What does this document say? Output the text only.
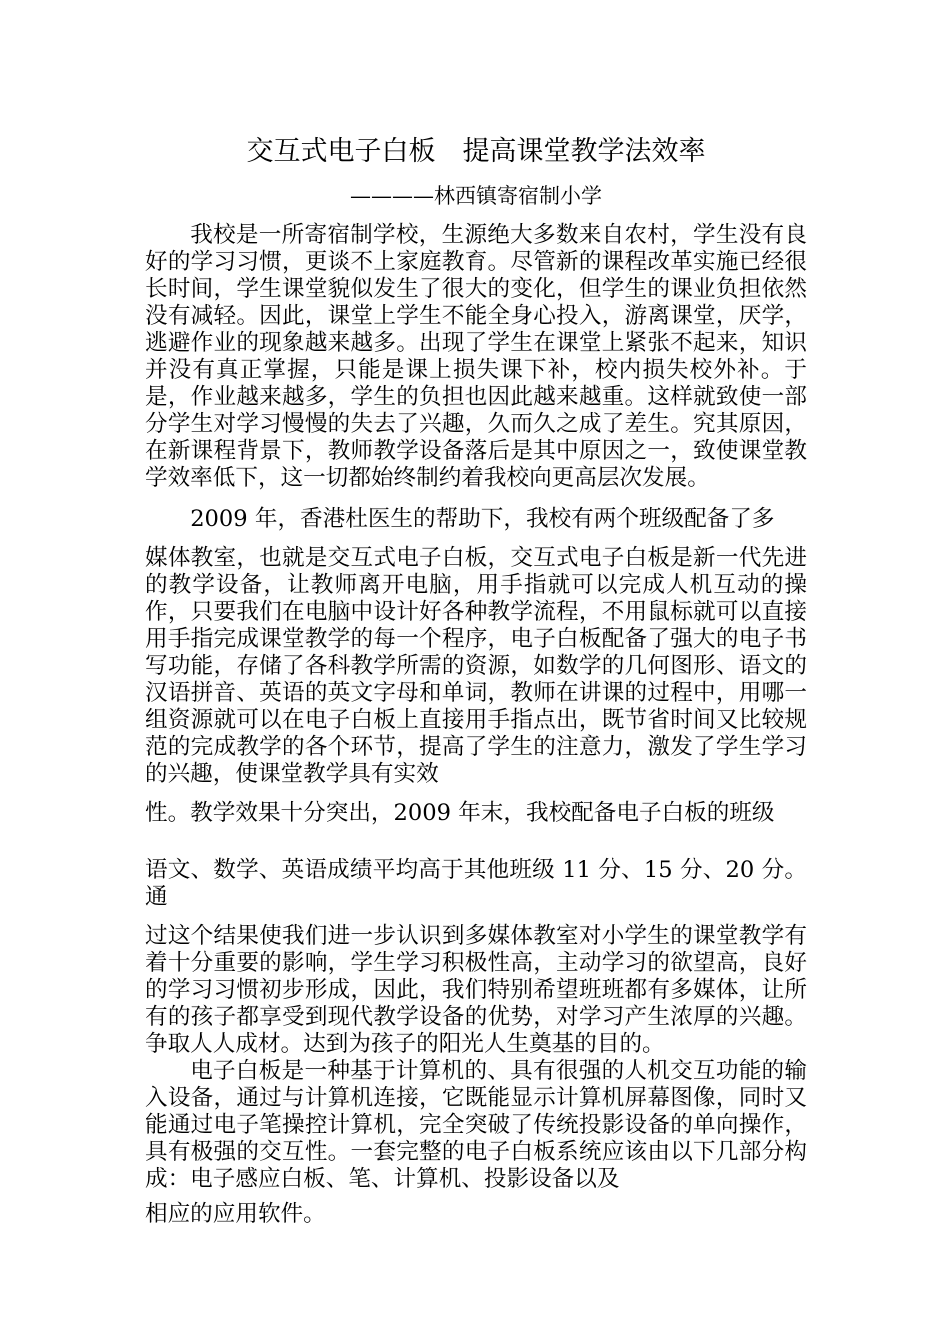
交互式电子白板　提高课堂教学法效率
————林西镇寄宿制小学

我校是一所寄宿制学校，生源绝大多数来自农村，学生没有良好的学习习惯，更谈不上家庭教育。尽管新的课程改革实施已经很长时间，学生课堂貌似发生了很大的变化，但学生的课业负担依然没有减轻。因此，课堂上学生不能全身心投入，游离课堂，厌学，逃避作业的现象越来越多。出现了学生在课堂上紧张不起来，知识并没有真正掌握，只能是课上损失课下补，校内损失校外补。于是，作业越来越多，学生的负担也因此越来越重。这样就致使一部分学生对学习慢慢的失去了兴趣，久而久之成了差生。究其原因，在新课程背景下，教师教学设备落后是其中原因之一，致使课堂教学效率低下，这一切都始终制约着我校向更高层次发展。

2009 年，香港杜医生的帮助下，我校有两个班级配备了多

媒体教室，也就是交互式电子白板，交互式电子白板是新一代先进的教学设备，让教师离开电脑，用手指就可以完成人机互动的操作，只要我们在电脑中设计好各种教学流程，不用鼠标就可以直接用手指完成课堂教学的每一个程序，电子白板配备了强大的电子书写功能，存储了各科教学所需的资源，如数学的几何图形、语文的汉语拼音、英语的英文字母和单词，教师在讲课的过程中，用哪一组资源就可以在电子白板上直接用手指点出，既节省时间又比较规范的完成教学的各个环节，提高了学生的注意力，激发了学生学习的兴趣，使课堂教学具有实效

性。教学效果十分突出，2009 年末，我校配备电子白板的班级

语文、数学、英语成绩平均高于其他班级 11 分、15 分、20 分。通

过这个结果使我们进一步认识到多媒体教室对小学生的课堂教学有着十分重要的影响，学生学习积极性高，主动学习的欲望高，良好的学习习惯初步形成，因此，我们特别希望班班都有多媒体，让所有的孩子都享受到现代教学设备的优势，对学习产生浓厚的兴趣。争取人人成材。达到为孩子的阳光人生奠基的目的。

电子白板是一种基于计算机的、具有很强的人机交互功能的输入设备，通过与计算机连接，它既能显示计算机屏幕图像，同时又能通过电子笔操控计算机，完全突破了传统投影设备的单向操作，具有极强的交互性。一套完整的电子白板系统应该由以下几部分构成：电子感应白板、笔、计算机、投影设备以及

相应的应用软件。
